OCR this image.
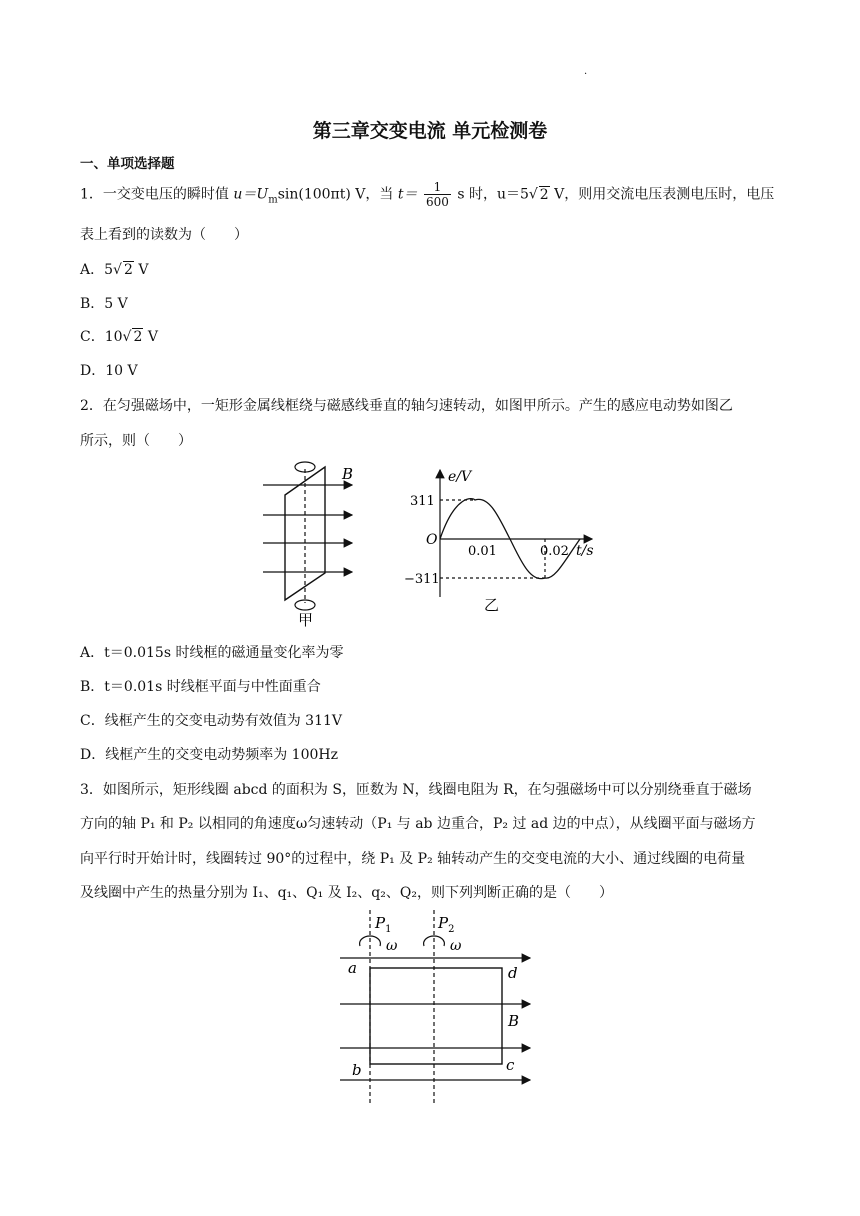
.
第三章交变电流 单元检测卷
一、单项选择题
1．一交变电压的瞬时值 $u=U_m\sin(100\pi t)$ V，当 $t= \frac{1}{600}$ s 时，u＝5√ 2 V，则用交流电压表测电压时，电压
表上看到的读数为（　　）
A．5√ 2 V
B．5 V
C．10√ 2 V
D．10 V
2．在匀强磁场中，一矩形金属线框绕与磁感线垂直的轴匀速转动，如图甲所示。产生的感应电动势如图乙
所示，则（　　）
B
甲
e/V
O
311
−311
0.01	0.02 t/s
乙
A．t＝0.015s 时线框的磁通量变化率为零
B．t＝0.01s 时线框平面与中性面重合
C．线框产生的交变电动势有效值为 311V
D．线框产生的交变电动势频率为 100Hz
3．如图所示，矩形线圈 abcd 的面积为 S，匝数为 N，线圈电阻为 R，在匀强磁场中可以分别绕垂直于磁场
方向的轴 P₁ 和 P₂ 以相同的角速度ω匀速转动（P₁ 与 ab 边重合，P₂ 过 ad 边的中点），从线圈平面与磁场方
向平行时开始计时，线圈转过 90°的过程中，绕 P₁ 及 P₂ 轴转动产生的交变电流的大小、通过线圈的电荷量
及线圈中产生的热量分别为 I₁、q₁、Q₁ 及 I₂、q₂、Q₂，则下列判断正确的是（　　）
$P_1$	$P_2$
ω	ω
a
b	c
d
B
